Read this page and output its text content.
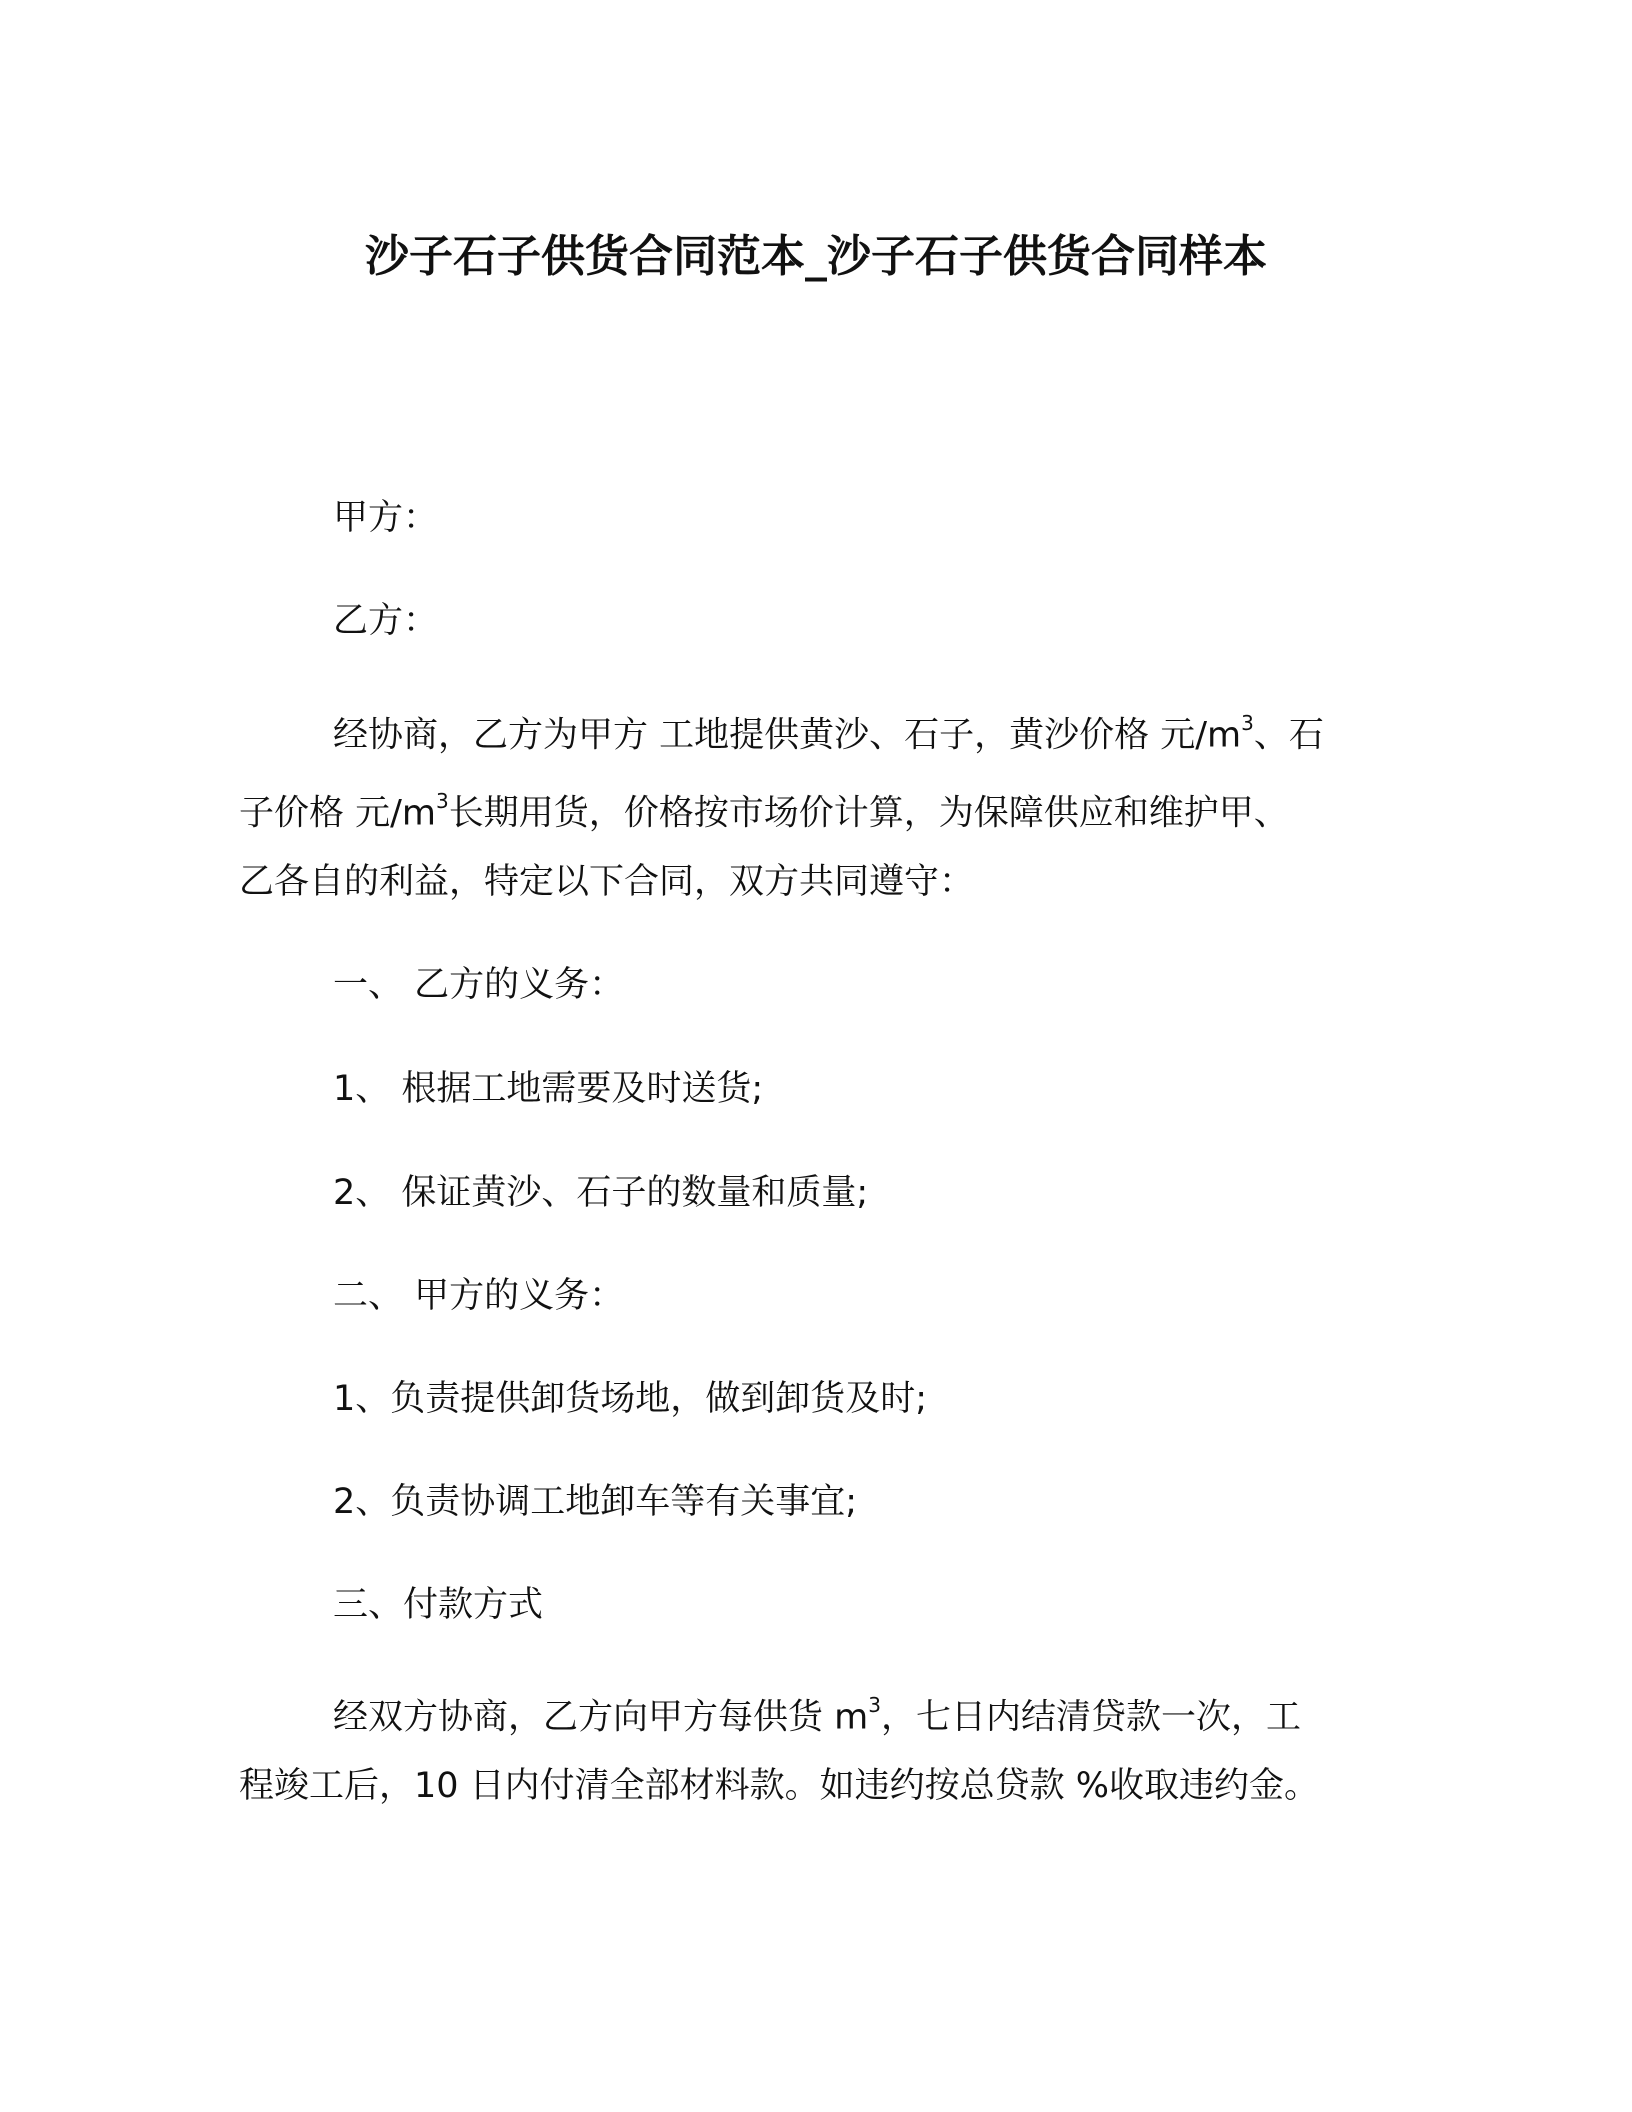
沙子石子供货合同范本_沙子石子供货合同样本
甲方：
乙方：
经协商，乙方为甲方 工地提供黄沙、石子，黄沙价格 元$/m^3$、石
子价格 元$/m^3$长期用货，价格按市场价计算，为保障供应和维护甲、
乙各自的利益，特定以下合同，双方共同遵守：
一、 乙方的义务：
1、 根据工地需要及时送货;
2、 保证黄沙、石子的数量和质量;
二、 甲方的义务：
1、负责提供卸货场地，做到卸货及时;
2、负责协调工地卸车等有关事宜;
三、付款方式
经双方协商，乙方向甲方每供货 $m^3$，七日内结清贷款一次，工
程竣工后，10 日内付清全部材料款。如违约按总贷款 %收取违约金。
